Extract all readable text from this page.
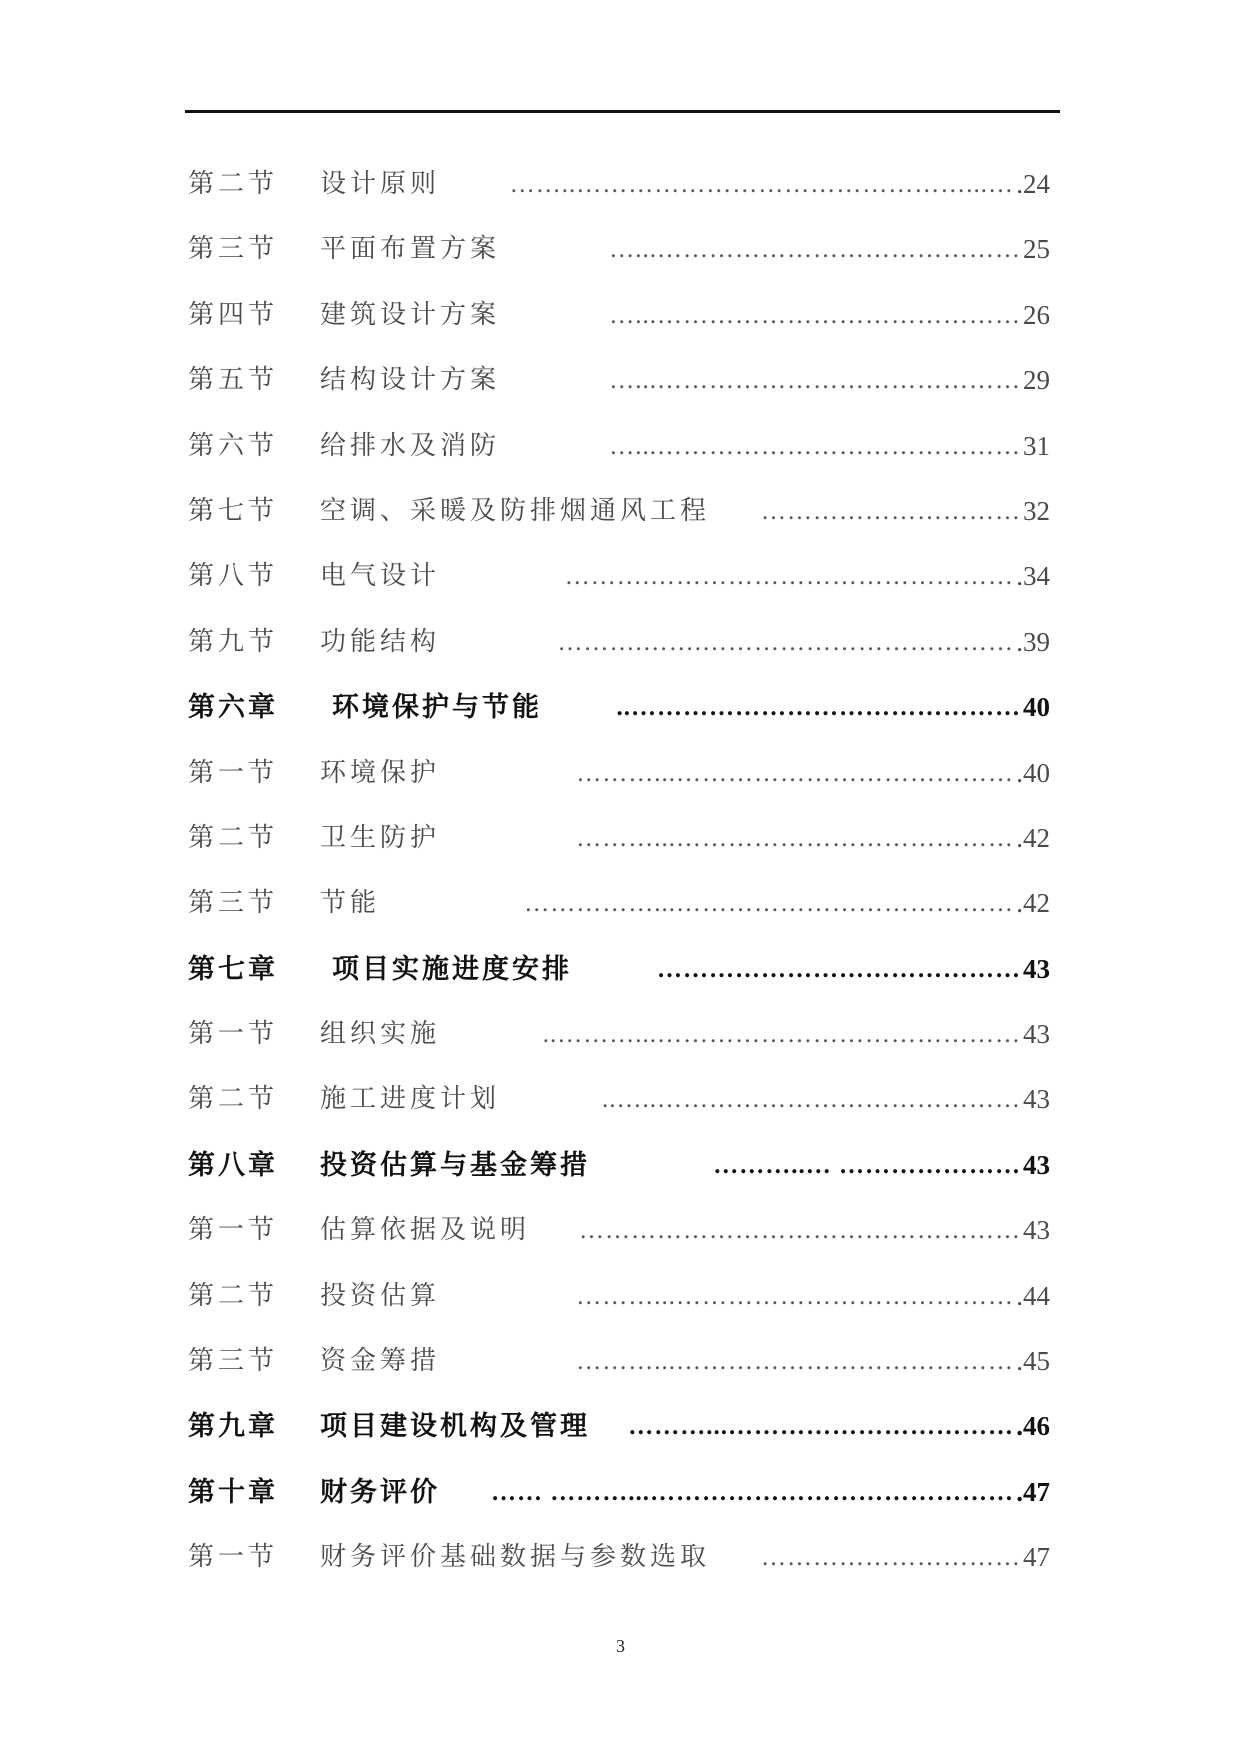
第二节 设计原则	…...………………………………………..…… .24
第三节 平面布置方案	……………………………………...… 25
第四节 建筑设计方案	……………………………………...… 26
第五节 结构设计方案	……………………………………...… 29
第六节 给排水及消防	……………………………………...… 31
第七节 空调、采暖及防排烟通风工程 ………………………… 32
第八节 电气设计	…………………………………….……… .34
第九节 功能结构	……………………………….…….……… .39
第六章 环境保护与节能	……………………………………….. 40
第一节 环境保护	…………………………………...……… .40
第二节 卫生防护	…………………………………...……… .42
第三节 节能	…………………………………...…………… .42
第七章 项目实施进度安排	…………………………………… 43
第一节 组织实施	……………………………………...……….. 43
第二节 施工进度计划	……………………………………..….. 43
第八章 投资估算与基金筹措	………………… …..……… 43
第一节 估算依据及说明 …………………………………………… 43
第二节 投资估算	…………………………………...……… .44
第三节 资金筹措	…………………………………...……… .45
第九章 项目建设机构及管理 ……………………………...……… .46
第十章 财务评价 ……………………………………...……… …… .47
第一节 财务评价基础数据与参数选取 ………………………… 47
3
